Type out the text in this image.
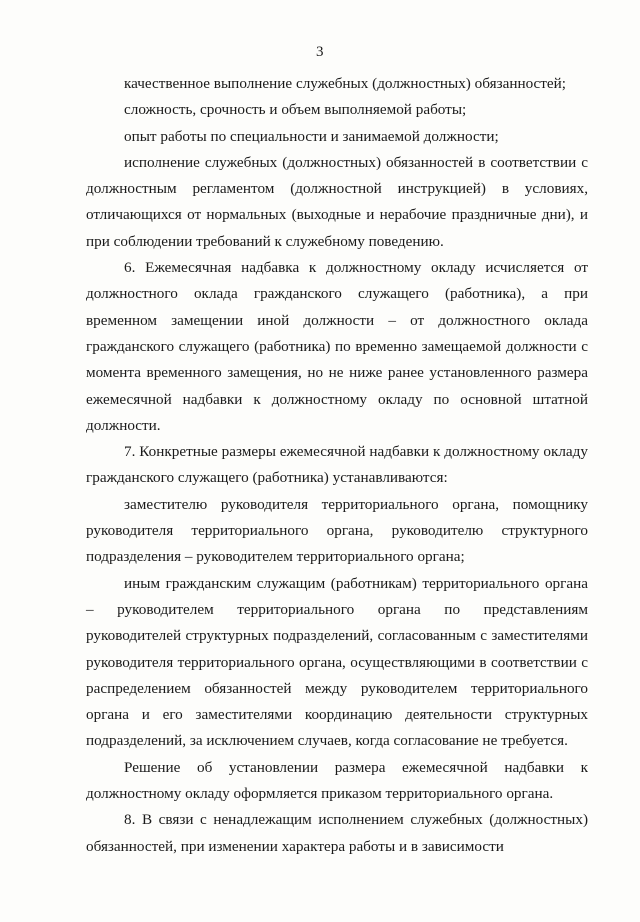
3

качественное выполнение служебных (должностных) обязанностей;

сложность, срочность и объем выполняемой работы;

опыт работы по специальности и занимаемой должности;

исполнение служебных (должностных) обязанностей в соответствии с должностным регламентом (должностной инструкцией) в условиях, отличающихся от нормальных (выходные и нерабочие праздничные дни), и при соблюдении требований к служебному поведению.

6. Ежемесячная надбавка к должностному окладу исчисляется от должностного оклада гражданского служащего (работника), а при временном замещении иной должности – от должностного оклада гражданского служащего (работника) по временно замещаемой должности с момента временного замещения, но не ниже ранее установленного размера ежемесячной надбавки к должностному окладу по основной штатной должности.

7. Конкретные размеры ежемесячной надбавки к должностному окладу гражданского служащего (работника) устанавливаются:

заместителю руководителя территориального органа, помощнику руководителя территориального органа, руководителю структурного подразделения – руководителем территориального органа;

иным гражданским служащим (работникам) территориального органа – руководителем территориального органа по представлениям руководителей структурных подразделений, согласованным с заместителями руководителя территориального органа, осуществляющими в соответствии с распределением обязанностей между руководителем территориального органа и его заместителями координацию деятельности структурных подразделений, за исключением случаев, когда согласование не требуется.

Решение об установлении размера ежемесячной надбавки к должностному окладу оформляется приказом территориального органа.

8. В связи с ненадлежащим исполнением служебных (должностных) обязанностей, при изменении характера работы и в зависимости
